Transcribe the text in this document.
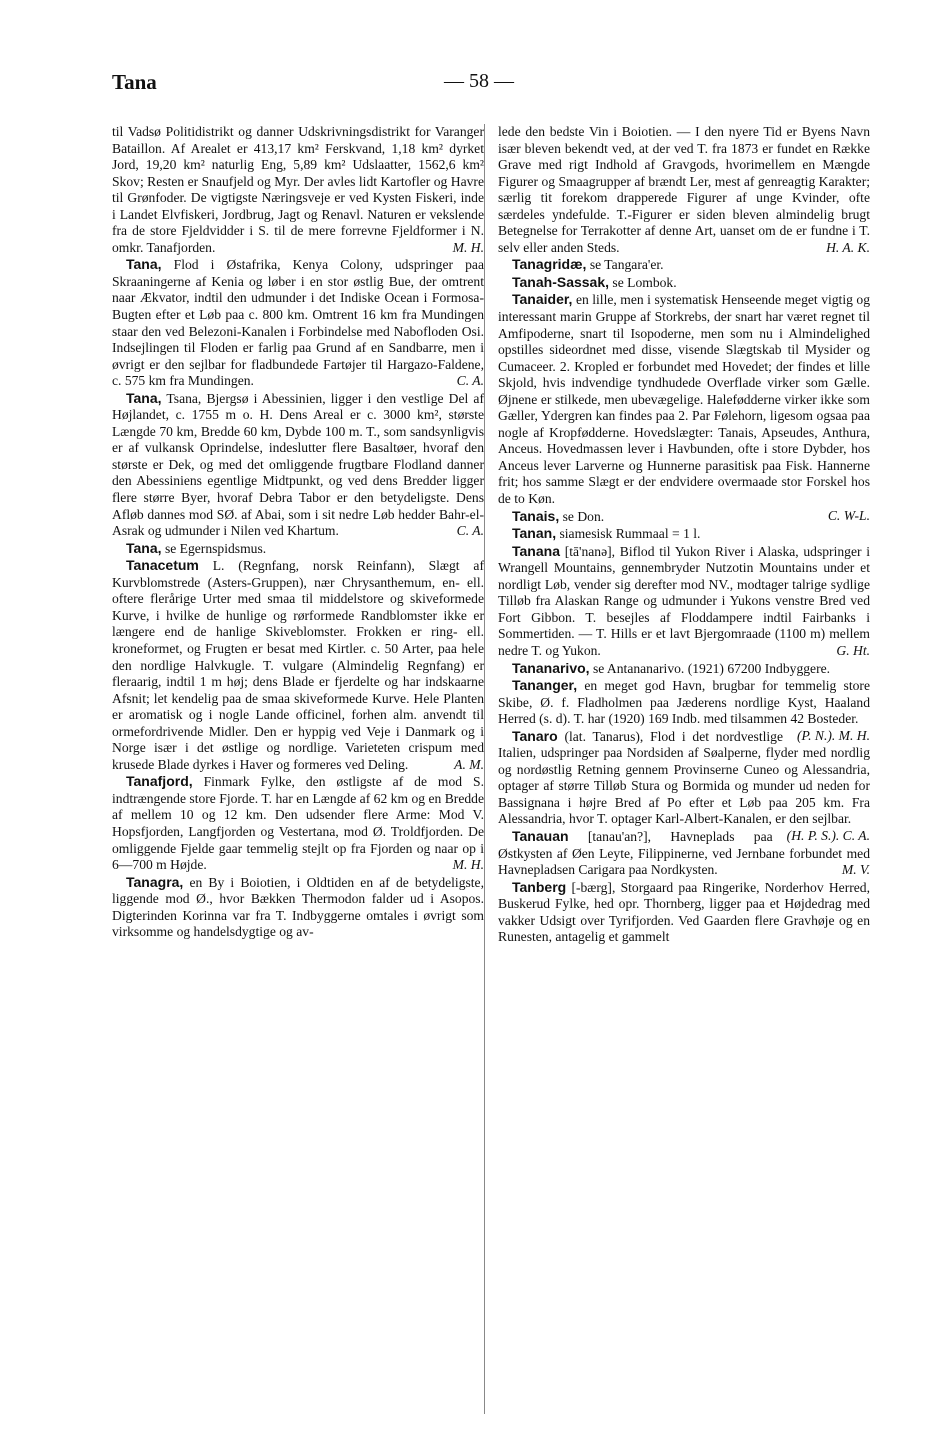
Tana	— 58 —

til Vadsø Politidistrikt og danner Udskrivningsdistrikt for Varanger Bataillon. Af Arealet er 413,17 km² Ferskvand, 1,18 km² dyrket Jord, 19,20 km² naturlig Eng, 5,89 km² Udslaatter, 1562,6 km² Skov; Resten er Snaufjeld og Myr. Der avles lidt Kartofler og Havre til Grønfoder. De vigtigste Næringsveje er ved Kysten Fiskeri, inde i Landet Elvfiskeri, Jordbrug, Jagt og Renavl. Naturen er vekslende fra de store Fjeldvidder i S. til de mere forrevne Fjeldformer i N. omkr. Tanafjorden.	M. H.

Tana, Flod i Østafrika, Kenya Colony, udspringer paa Skraaningerne af Kenia og løber i en stor østlig Bue, der omtrent naar Ækvator, indtil den udmunder i det Indiske Ocean i Formosa-Bugten efter et Løb paa c. 800 km. Omtrent 16 km fra Mundingen staar den ved Belezoni-Kanalen i Forbindelse med Nabofloden Osi. Indsejlingen til Floden er farlig paa Grund af en Sandbarre, men i øvrigt er den sejlbar for fladbundede Fartøjer til Hargazo-Faldene, c. 575 km fra Mundingen.	C. A.

Tana, Tsana, Bjergsø i Abessinien, ligger i den vestlige Del af Højlandet, c. 1755 m o. H. Dens Areal er c. 3000 km², største Længde 70 km, Bredde 60 km, Dybde 100 m. T., som sandsynligvis er af vulkansk Oprindelse, indeslutter flere Basaltøer, hvoraf den største er Dek, og med det omliggende frugtbare Flodland danner den Abessiniens egentlige Midtpunkt, og ved dens Bredder ligger flere større Byer, hvoraf Debra Tabor er den betydeligste. Dens Afløb dannes mod SØ. af Abai, som i sit nedre Løb hedder Bahr-el-Asrak og udmunder i Nilen ved Khartum.	C. A.

Tana, se Egernspidsmus.

Tanacetum L. (Regnfang, norsk Reinfann), Slægt af Kurvblomstrede (Asters-Gruppen), nær Chrysanthemum, en- ell. oftere flerårige Urter med smaa til middelstore og skiveformede Kurve, i hvilke de hunlige og rørformede Randblomster ikke er længere end de hanlige Skiveblomster. Frokken er ring- ell. kroneformet, og Frugten er besat med Kirtler. c. 50 Arter, paa hele den nordlige Halvkugle. T. vulgare (Almindelig Regnfang) er fleraarig, indtil 1 m høj; dens Blade er fjerdelte og har indskaarne Afsnit; let kendelig paa de smaa skiveformede Kurve. Hele Planten er aromatisk og i nogle Lande officinel, forhen alm. anvendt til ormefordrivende Midler. Den er hyppig ved Veje i Danmark og i Norge især i det østlige og nordlige. Varieteten crispum med krusede Blade dyrkes i Haver og formeres ved Deling.	A. M.

Tanafjord, Finmark Fylke, den østligste af de mod S. indtrængende store Fjorde. T. har en Længde af 62 km og en Bredde af mellem 10 og 12 km. Den udsender flere Arme: Mod V. Hopsfjorden, Langfjorden og Vestertana, mod Ø. Troldfjorden. De omliggende Fjelde gaar temmelig stejlt op fra Fjorden og naar op i 6—700 m Højde.	M. H.

Tanagra, en By i Boiotien, i Oldtiden en af de betydeligste, liggende mod Ø., hvor Bækken Thermodon falder ud i Asopos. Digterinden Korinna var fra T. Indbyggerne omtales i øvrigt som virksomme og handelsdygtige og av-

lede den bedste Vin i Boiotien. — I den nyere Tid er Byens Navn især bleven bekendt ved, at der ved T. fra 1873 er fundet en Række Grave med rigt Indhold af Gravgods, hvorimellem en Mængde Figurer og Smaagrupper af brændt Ler, mest af genreagtig Karakter; særlig tit forekom drapperede Figurer af unge Kvinder, ofte særdeles yndefulde. T.-Figurer er siden bleven almindelig brugt Betegnelse for Terrakotter af denne Art, uanset om de er fundne i T. selv eller anden Steds.	H. A. K.

Tanagridæ, se Tangara'er.

Tanah-Sassak, se Lombok.

Tanaider, en lille, men i systematisk Henseende meget vigtig og interessant marin Gruppe af Storkrebs, der snart har været regnet til Amfipoderne, snart til Isopoderne, men som nu i Almindelighed opstilles sideordnet med disse, visende Slægtskab til Mysider og Cumaceer. 2. Kropled er forbundet med Hovedet; der findes et lille Skjold, hvis indvendige tyndhudede Overflade virker som Gælle. Øjnene er stilkede, men ubevægelige. Halefødderne virker ikke som Gæller, Ydergren kan findes paa 2. Par Følehorn, ligesom ogsaa paa nogle af Kropfødderne. Hovedslægter: Tanais, Apseudes, Anthura, Anceus. Hovedmassen lever i Havbunden, ofte i store Dybder, hos Anceus lever Larverne og Hunnerne parasitisk paa Fisk. Hannerne frit; hos samme Slægt er der endvidere overmaade stor Forskel hos de to Køn.

Tanais, se Don.	C. W-L.

Tanan, siamesisk Rummaal = 1 l.

Tanana [tā'nanə], Biflod til Yukon River i Alaska, udspringer i Wrangell Mountains, gennembryder Nutzotin Mountains under et nordligt Løb, vender sig derefter mod NV., modtager talrige sydlige Tilløb fra Alaskan Range og udmunder i Yukons venstre Bred ved Fort Gibbon. T. besejles af Floddampere indtil Fairbanks i Sommertiden. — T. Hills er et lavt Bjergomraade (1100 m) mellem nedre T. og Yukon.	G. Ht.

Tananarivo, se Antananarivo. (1921) 67200 Indbyggere.

Tananger, en meget god Havn, brugbar for temmelig store Skibe, Ø. f. Fladholmen paa Jæderens nordlige Kyst, Haaland Herred (s. d). T. har (1920) 169 Indb. med tilsammen 42 Bosteder.
(P. N.). M. H.

Tanaro (lat. Tanarus), Flod i det nordvestlige Italien, udspringer paa Nordsiden af Søalperne, flyder med nordlig og nordøstlig Retning gennem Provinserne Cuneo og Alessandria, optager af større Tilløb Stura og Bormida og munder ud neden for Bassignana i højre Bred af Po efter et Løb paa 205 km. Fra Alessandria, hvor T. optager Karl-Albert-Kanalen, er den sejlbar.
(H. P. S.). C. A.

Tanauan [tanau'an?], Havneplads paa Østkysten af Øen Leyte, Filippinerne, ved Jernbane forbundet med Havnepladsen Carigara paa Nordkysten.	M. V.

Tanberg [-bærg], Storgaard paa Ringerike, Norderhov Herred, Buskerud Fylke, hed opr. Thornberg, ligger paa et Højdedrag med vakker Udsigt over Tyrifjorden. Ved Gaarden flere Gravhøje og en Runesten, antagelig et gammelt
